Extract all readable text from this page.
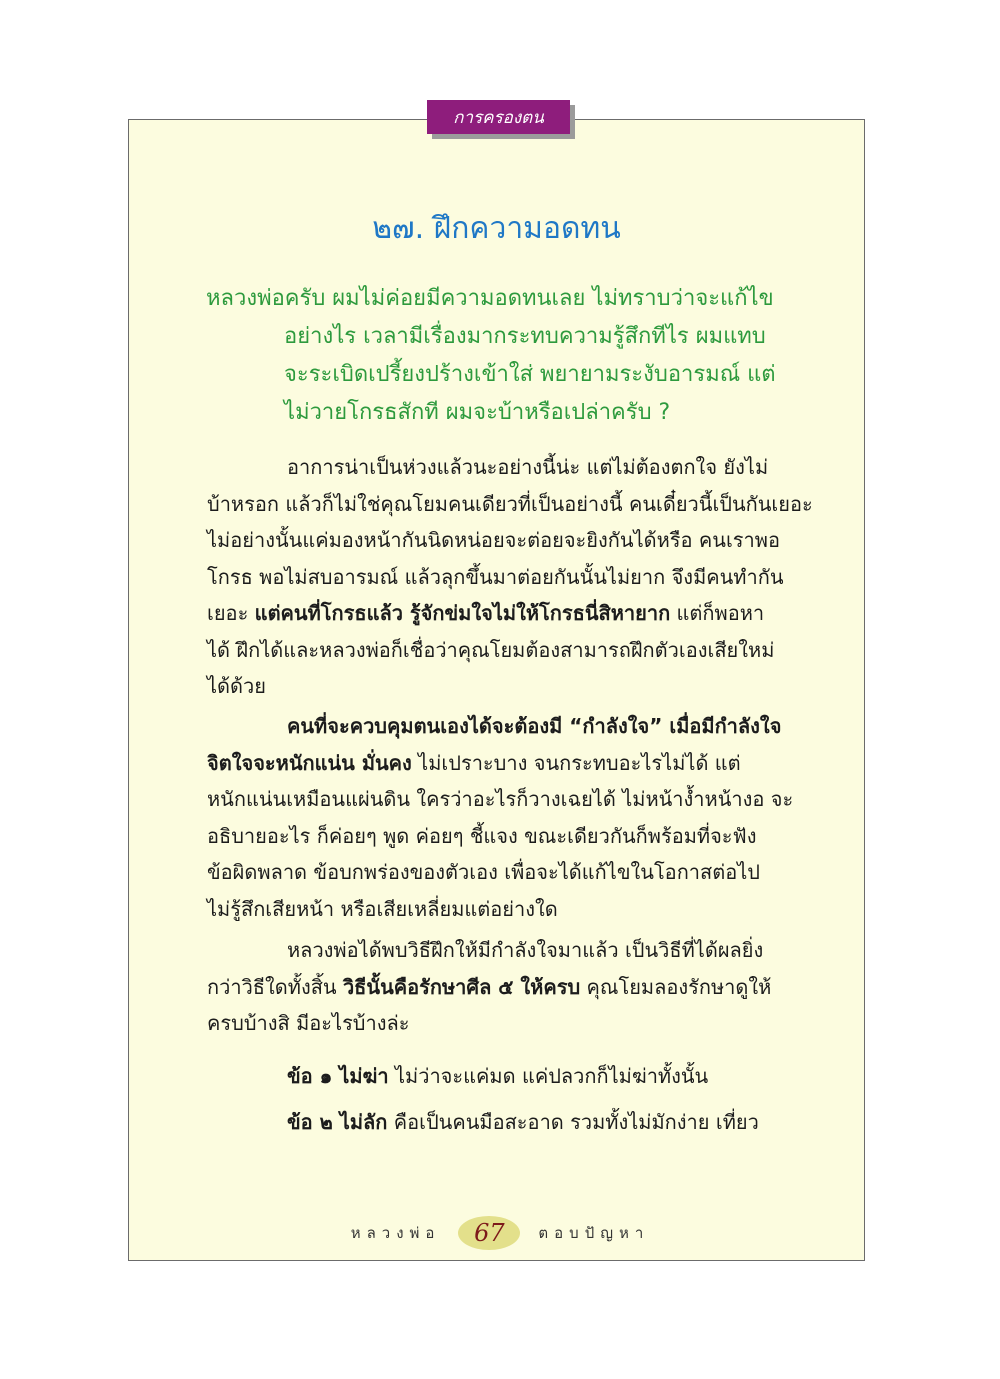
การครองตน
๒๗. ฝึกความอดทน

หลวงพ่อครับ ผมไม่ค่อยมีความอดทนเลย ไม่ทราบว่าจะแก้ไข

อย่างไร เวลามีเรื่องมากระทบความรู้สึกทีไร ผมแทบ

จะระเบิดเปรี้ยงปร้างเข้าใส่ พยายามระงับอารมณ์ แต่

ไม่วายโกรธสักที ผมจะบ้าหรือเปล่าครับ ?

อาการน่าเป็นห่วงแล้วนะอย่างนี้น่ะ แต่ไม่ต้องตกใจ ยังไม่

บ้าหรอก แล้วก็ไม่ใช่คุณโยมคนเดียวที่เป็นอย่างนี้ คนเดี๋ยวนี้เป็นกันเยอะ

ไม่อย่างนั้นแค่มองหน้ากันนิดหน่อยจะต่อยจะยิงกันได้หรือ คนเราพอ

โกรธ พอไม่สบอารมณ์ แล้วลุกขึ้นมาต่อยกันนั้นไม่ยาก จึงมีคนทำกัน

เยอะ แต่คนที่โกรธแล้ว รู้จักข่มใจไม่ให้โกรธนี่สิหายาก แต่ก็พอหา

ได้ ฝึกได้และหลวงพ่อก็เชื่อว่าคุณโยมต้องสามารถฝึกตัวเองเสียใหม่

ได้ด้วย

คนที่จะควบคุมตนเองได้จะต้องมี “กำลังใจ” เมื่อมีกำลังใจ

จิตใจจะหนักแน่น มั่นคง ไม่เปราะบาง จนกระทบอะไรไม่ได้ แต่

หนักแน่นเหมือนแผ่นดิน ใครว่าอะไรก็วางเฉยได้ ไม่หน้าง้ำหน้างอ จะ

อธิบายอะไร ก็ค่อยๆ พูด ค่อยๆ ชี้แจง ขณะเดียวกันก็พร้อมที่จะฟัง

ข้อผิดพลาด ข้อบกพร่องของตัวเอง เพื่อจะได้แก้ไขในโอกาสต่อไป

ไม่รู้สึกเสียหน้า หรือเสียเหลี่ยมแต่อย่างใด

หลวงพ่อได้พบวิธีฝึกให้มีกำลังใจมาแล้ว เป็นวิธีที่ได้ผลยิ่ง

กว่าวิธีใดทั้งสิ้น วิธีนั้นคือรักษาศีล ๕ ให้ครบ คุณโยมลองรักษาดูให้

ครบบ้างสิ มีอะไรบ้างล่ะ

ข้อ ๑ ไม่ฆ่า ไม่ว่าจะแค่มด แค่ปลวกก็ไม่ฆ่าทั้งนั้น

ข้อ ๒ ไม่ลัก คือเป็นคนมือสะอาด รวมทั้งไม่มักง่าย เที่ยว

หลวงพ่อ	67	ตอบปัญหา
